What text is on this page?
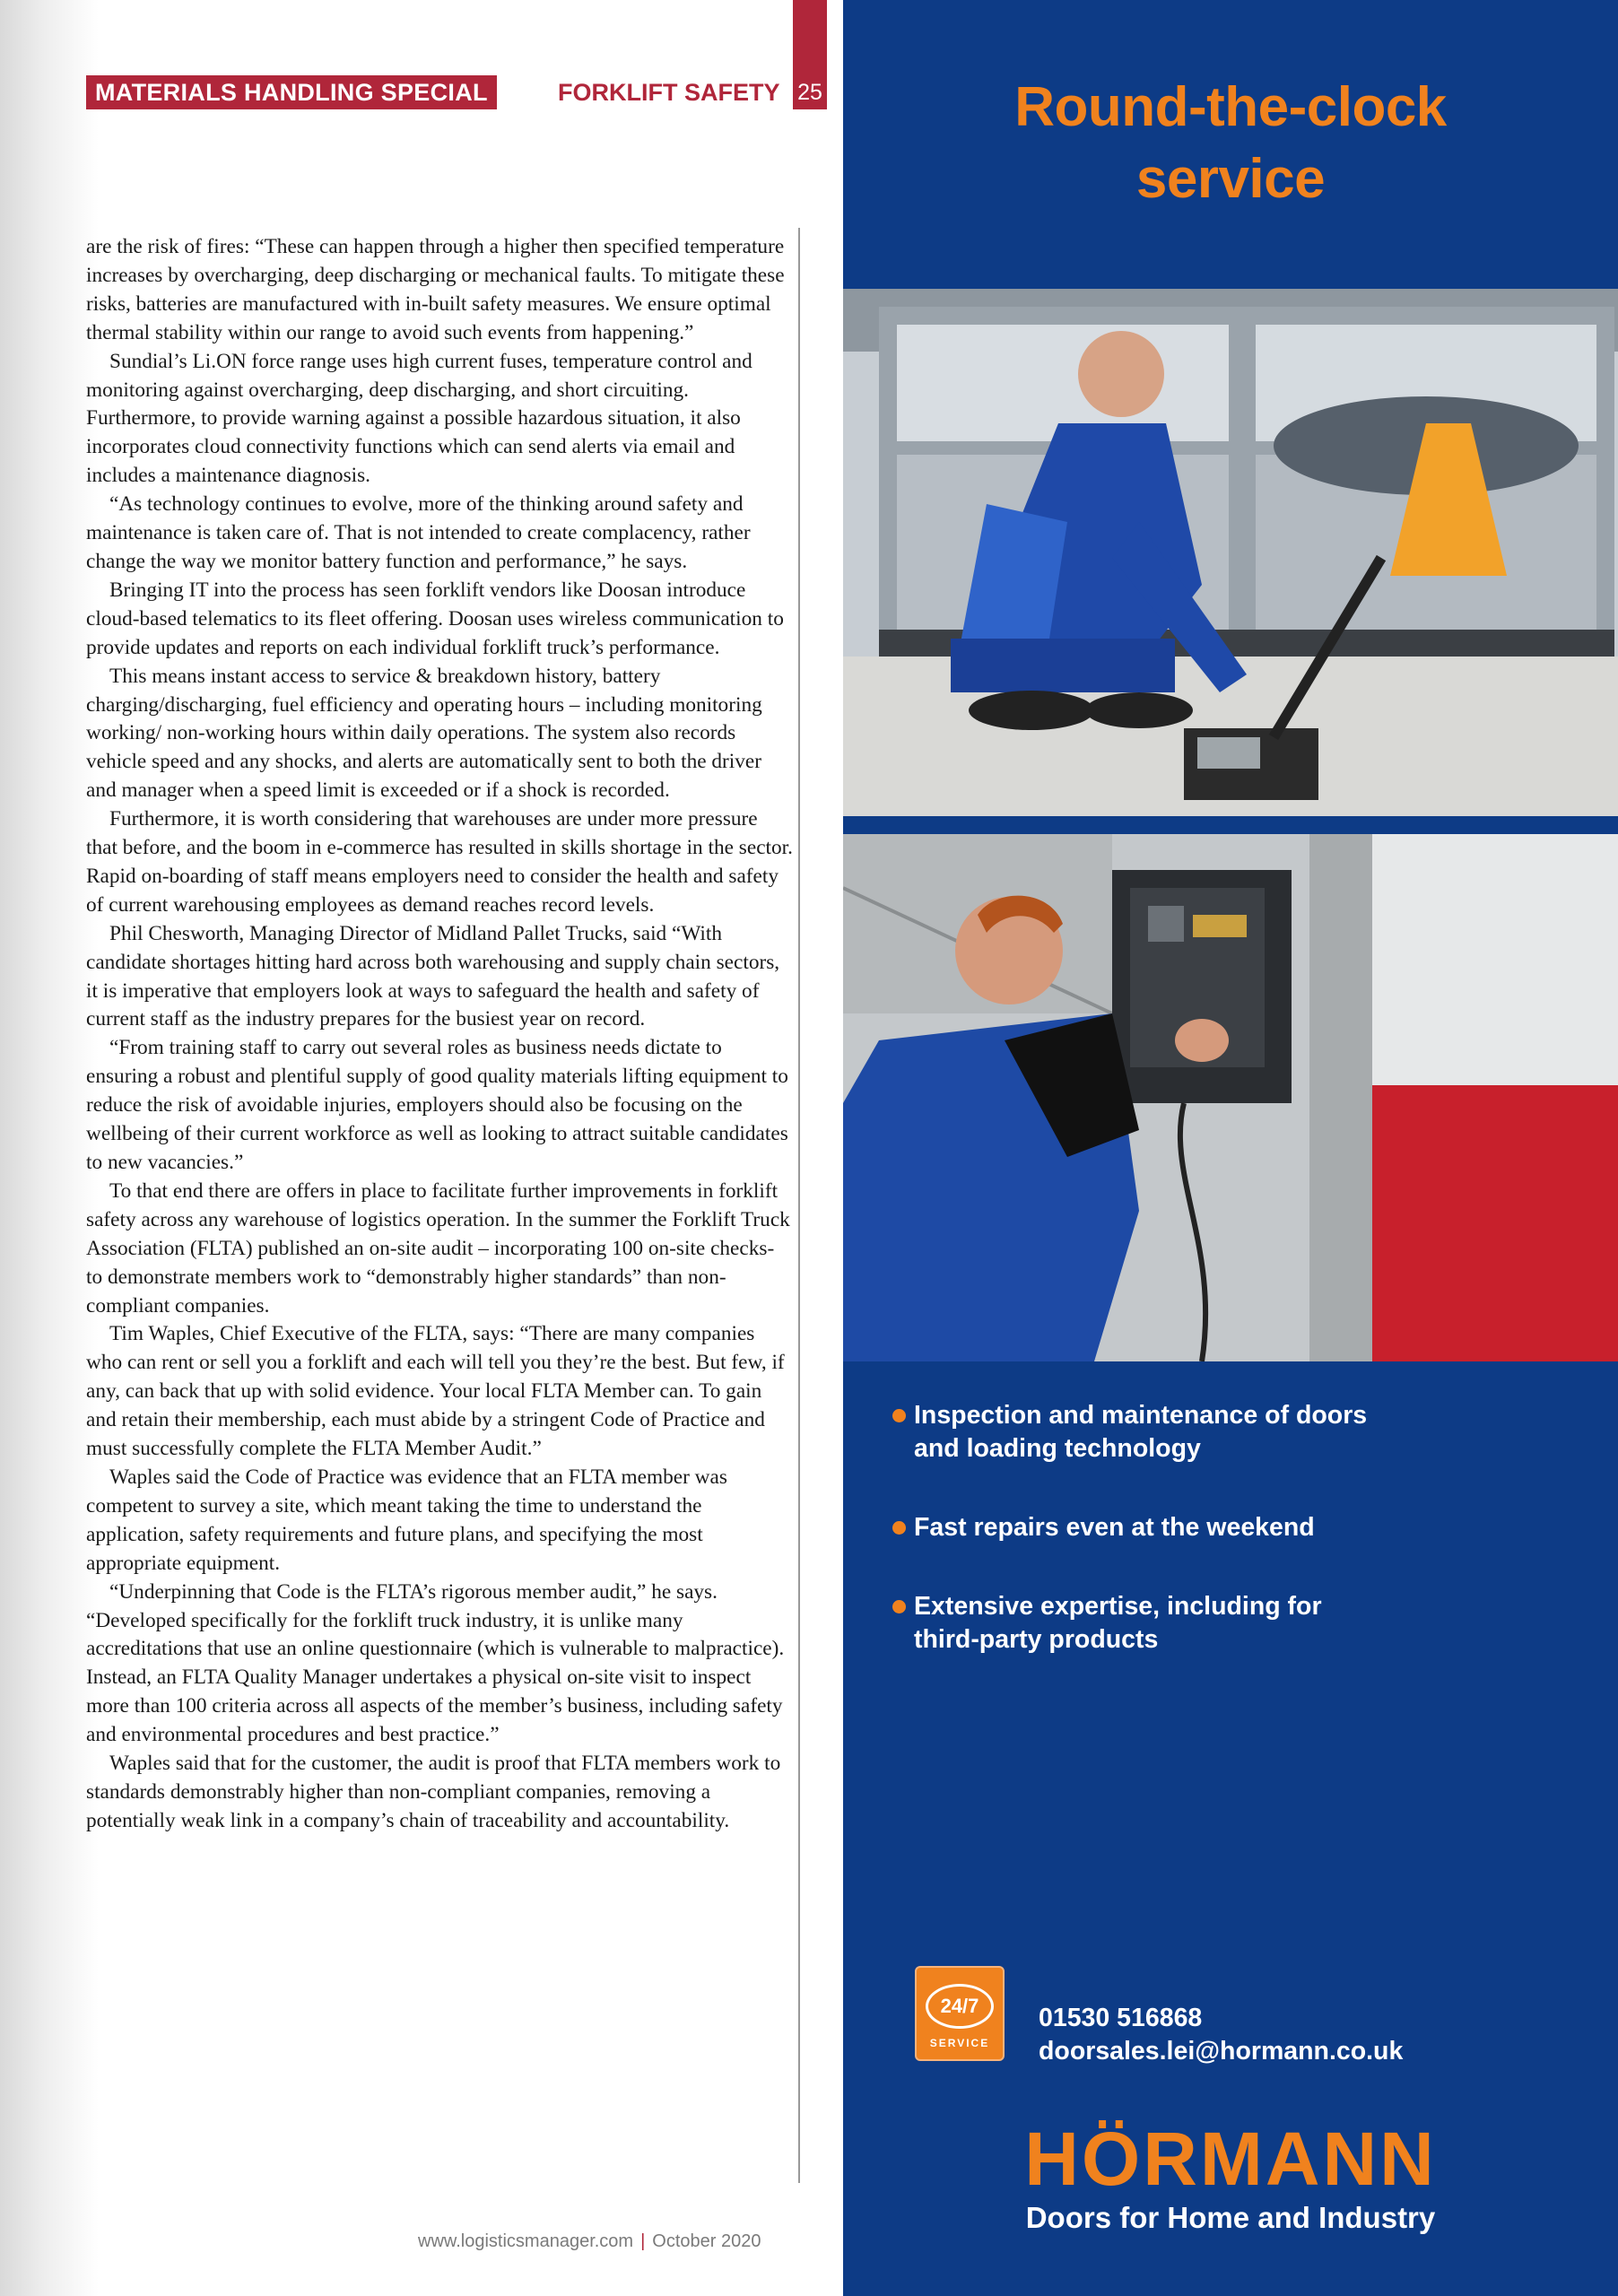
MATERIALS HANDLING SPECIAL	FORKLIFT SAFETY 25

are the risk of fires: “These can happen through a higher then specified temperature increases by overcharging, deep discharging or mechanical faults. To mitigate these risks, batteries are manufactured with in-built safety measures. We ensure optimal thermal stability within our range to avoid such events from happening.”

Sundial’s Li.ON force range uses high current fuses, temperature control and monitoring against overcharging, deep discharging, and short circuiting. Furthermore, to provide warning against a possible hazardous situation, it also incorporates cloud connectivity functions which can send alerts via email and includes a maintenance diagnosis.

“As technology continues to evolve, more of the thinking around safety and maintenance is taken care of. That is not intended to create complacency, rather change the way we monitor battery function and performance,” he says.

Bringing IT into the process has seen forklift vendors like Doosan introduce cloud-based telematics to its fleet offering. Doosan uses wireless communication to provide updates and reports on each individual forklift truck’s performance.

This means instant access to service & breakdown history, battery charging/discharging, fuel efficiency and operating hours – including monitoring working/ non-working hours within daily operations. The system also records vehicle speed and any shocks, and alerts are automatically sent to both the driver and manager when a speed limit is exceeded or if a shock is recorded.

Furthermore, it is worth considering that warehouses are under more pressure that before, and the boom in e-commerce has resulted in skills shortage in the sector. Rapid on-boarding of staff means employers need to consider the health and safety of current warehousing employees as demand reaches record levels.

Phil Chesworth, Managing Director of Midland Pallet Trucks, said “With candidate shortages hitting hard across both warehousing and supply chain sectors, it is imperative that employers look at ways to safeguard the health and safety of current staff as the industry prepares for the busiest year on record.

“From training staff to carry out several roles as business needs dictate to ensuring a robust and plentiful supply of good quality materials lifting equipment to reduce the risk of avoidable injuries, employers should also be focusing on the wellbeing of their current workforce as well as looking to attract suitable candidates to new vacancies.”

To that end there are offers in place to facilitate further improvements in forklift safety across any warehouse of logistics operation. In the summer the Forklift Truck Association (FLTA) published an on-site audit – incorporating 100 on-site checks- to demonstrate members work to “demonstrably higher standards” than non-compliant companies.

Tim Waples, Chief Executive of the FLTA, says: “There are many companies who can rent or sell you a forklift and each will tell you they’re the best. But few, if any, can back that up with solid evidence. Your local FLTA Member can. To gain and retain their membership, each must abide by a stringent Code of Practice and must successfully complete the FLTA Member Audit.”

Waples said the Code of Practice was evidence that an FLTA member was competent to survey a site, which meant taking the time to understand the application, safety requirements and future plans, and specifying the most appropriate equipment.

“Underpinning that Code is the FLTA’s rigorous member audit,” he says. “Developed specifically for the forklift truck industry, it is unlike many accreditations that use an online questionnaire (which is vulnerable to malpractice). Instead, an FLTA Quality Manager undertakes a physical on-site visit to inspect more than 100 criteria across all aspects of the member’s business, including safety and environmental procedures and best practice.”

Waples said that for the customer, the audit is proof that FLTA members work to standards demonstrably higher than non-compliant companies, removing a potentially weak link in a company’s chain of traceability and accountability.

www.logisticsmanager.com | October 2020
Round-the-clock
service
Inspection and maintenance of doors
and loading technology
Fast repairs even at the weekend
Extensive expertise, including for
third-party products
24/7
SERVICE
01530 516868
doorsales.lei@hormann.co.uk
HÖRMANN
Doors for Home and Industry
